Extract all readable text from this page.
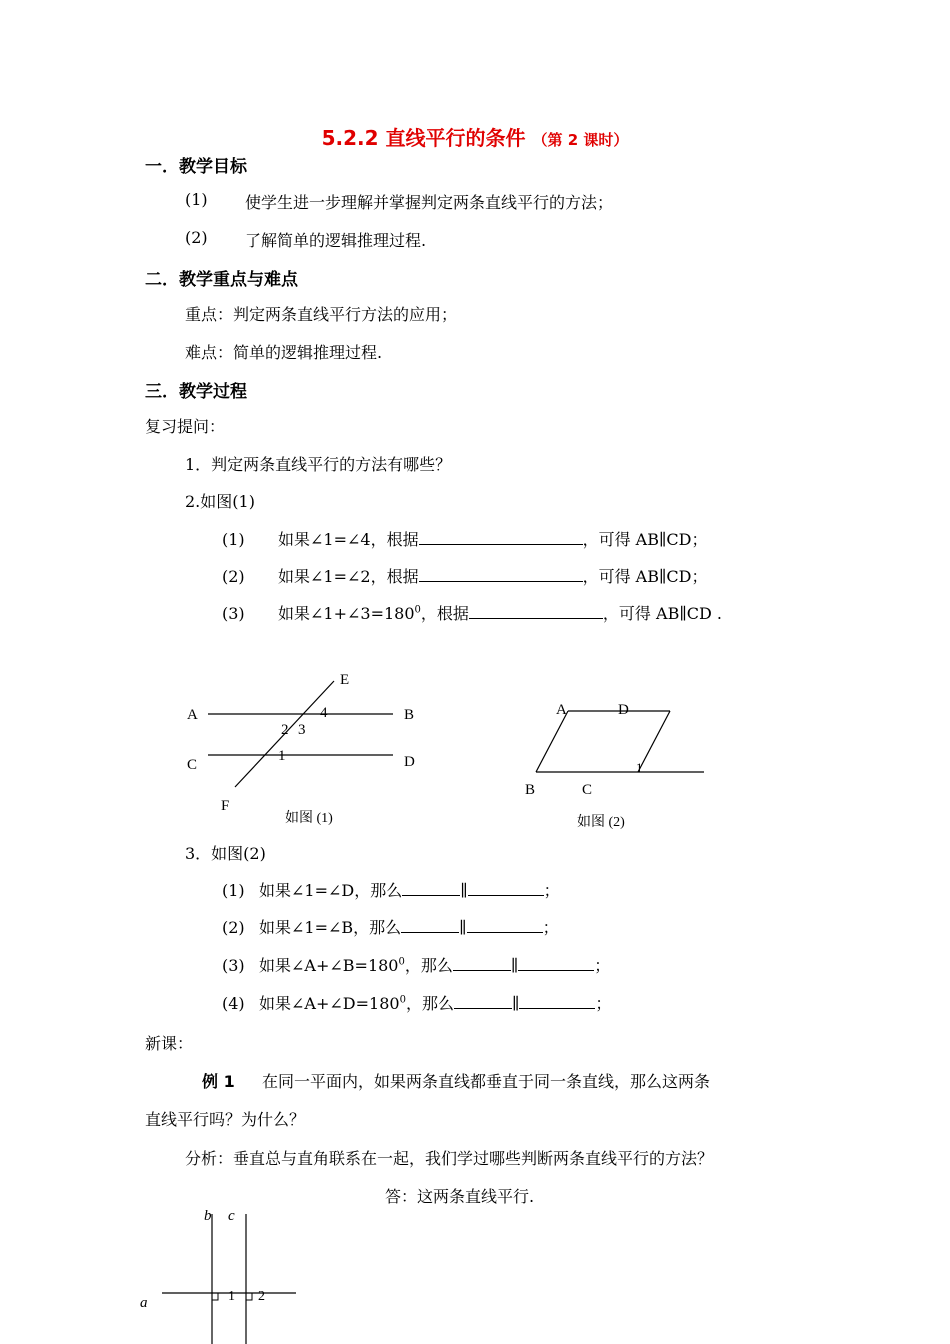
5.2.2 直线平行的条件 （第 2 课时）
一．教学目标
(1) 使学生进一步理解并掌握判定两条直线平行的方法；
(2) 了解简单的逻辑推理过程.
二．教学重点与难点
重点：判定两条直线平行方法的应用；
难点：简单的逻辑推理过程.
三．教学过程
复习提问：
1．判定两条直线平行的方法有哪些？
2.如图(1)
(1) 如果∠1=∠4，根据	，可得 AB∥CD；
(2) 如果∠1=∠2，根据	，可得 AB∥CD；
(3) 如果$\angle 1+\angle 3=180^0$，根据	，可得 AB∥CD .
A	B
C	D
E
F
4
2 3
1
如图 (1)
A	D
B	C
1
如图 (2)
3．如图(2)
(1) 如果∠1=∠D，那么	∥	；
(2) 如果∠1=∠B，那么	∥	；
(3) 如果$\angle A+\angle B=180^0$，那么	∥	；
(4) 如果$\angle A+\angle D=180^0$，那么	∥	；
新课：
例 1 在同一平面内，如果两条直线都垂直于同一条直线，那么这两条
直线平行吗？为什么？
分析：垂直总与直角联系在一起，我们学过哪些判断两条直线平行的方法？
答：这两条直线平行.
b c
a	1 2
